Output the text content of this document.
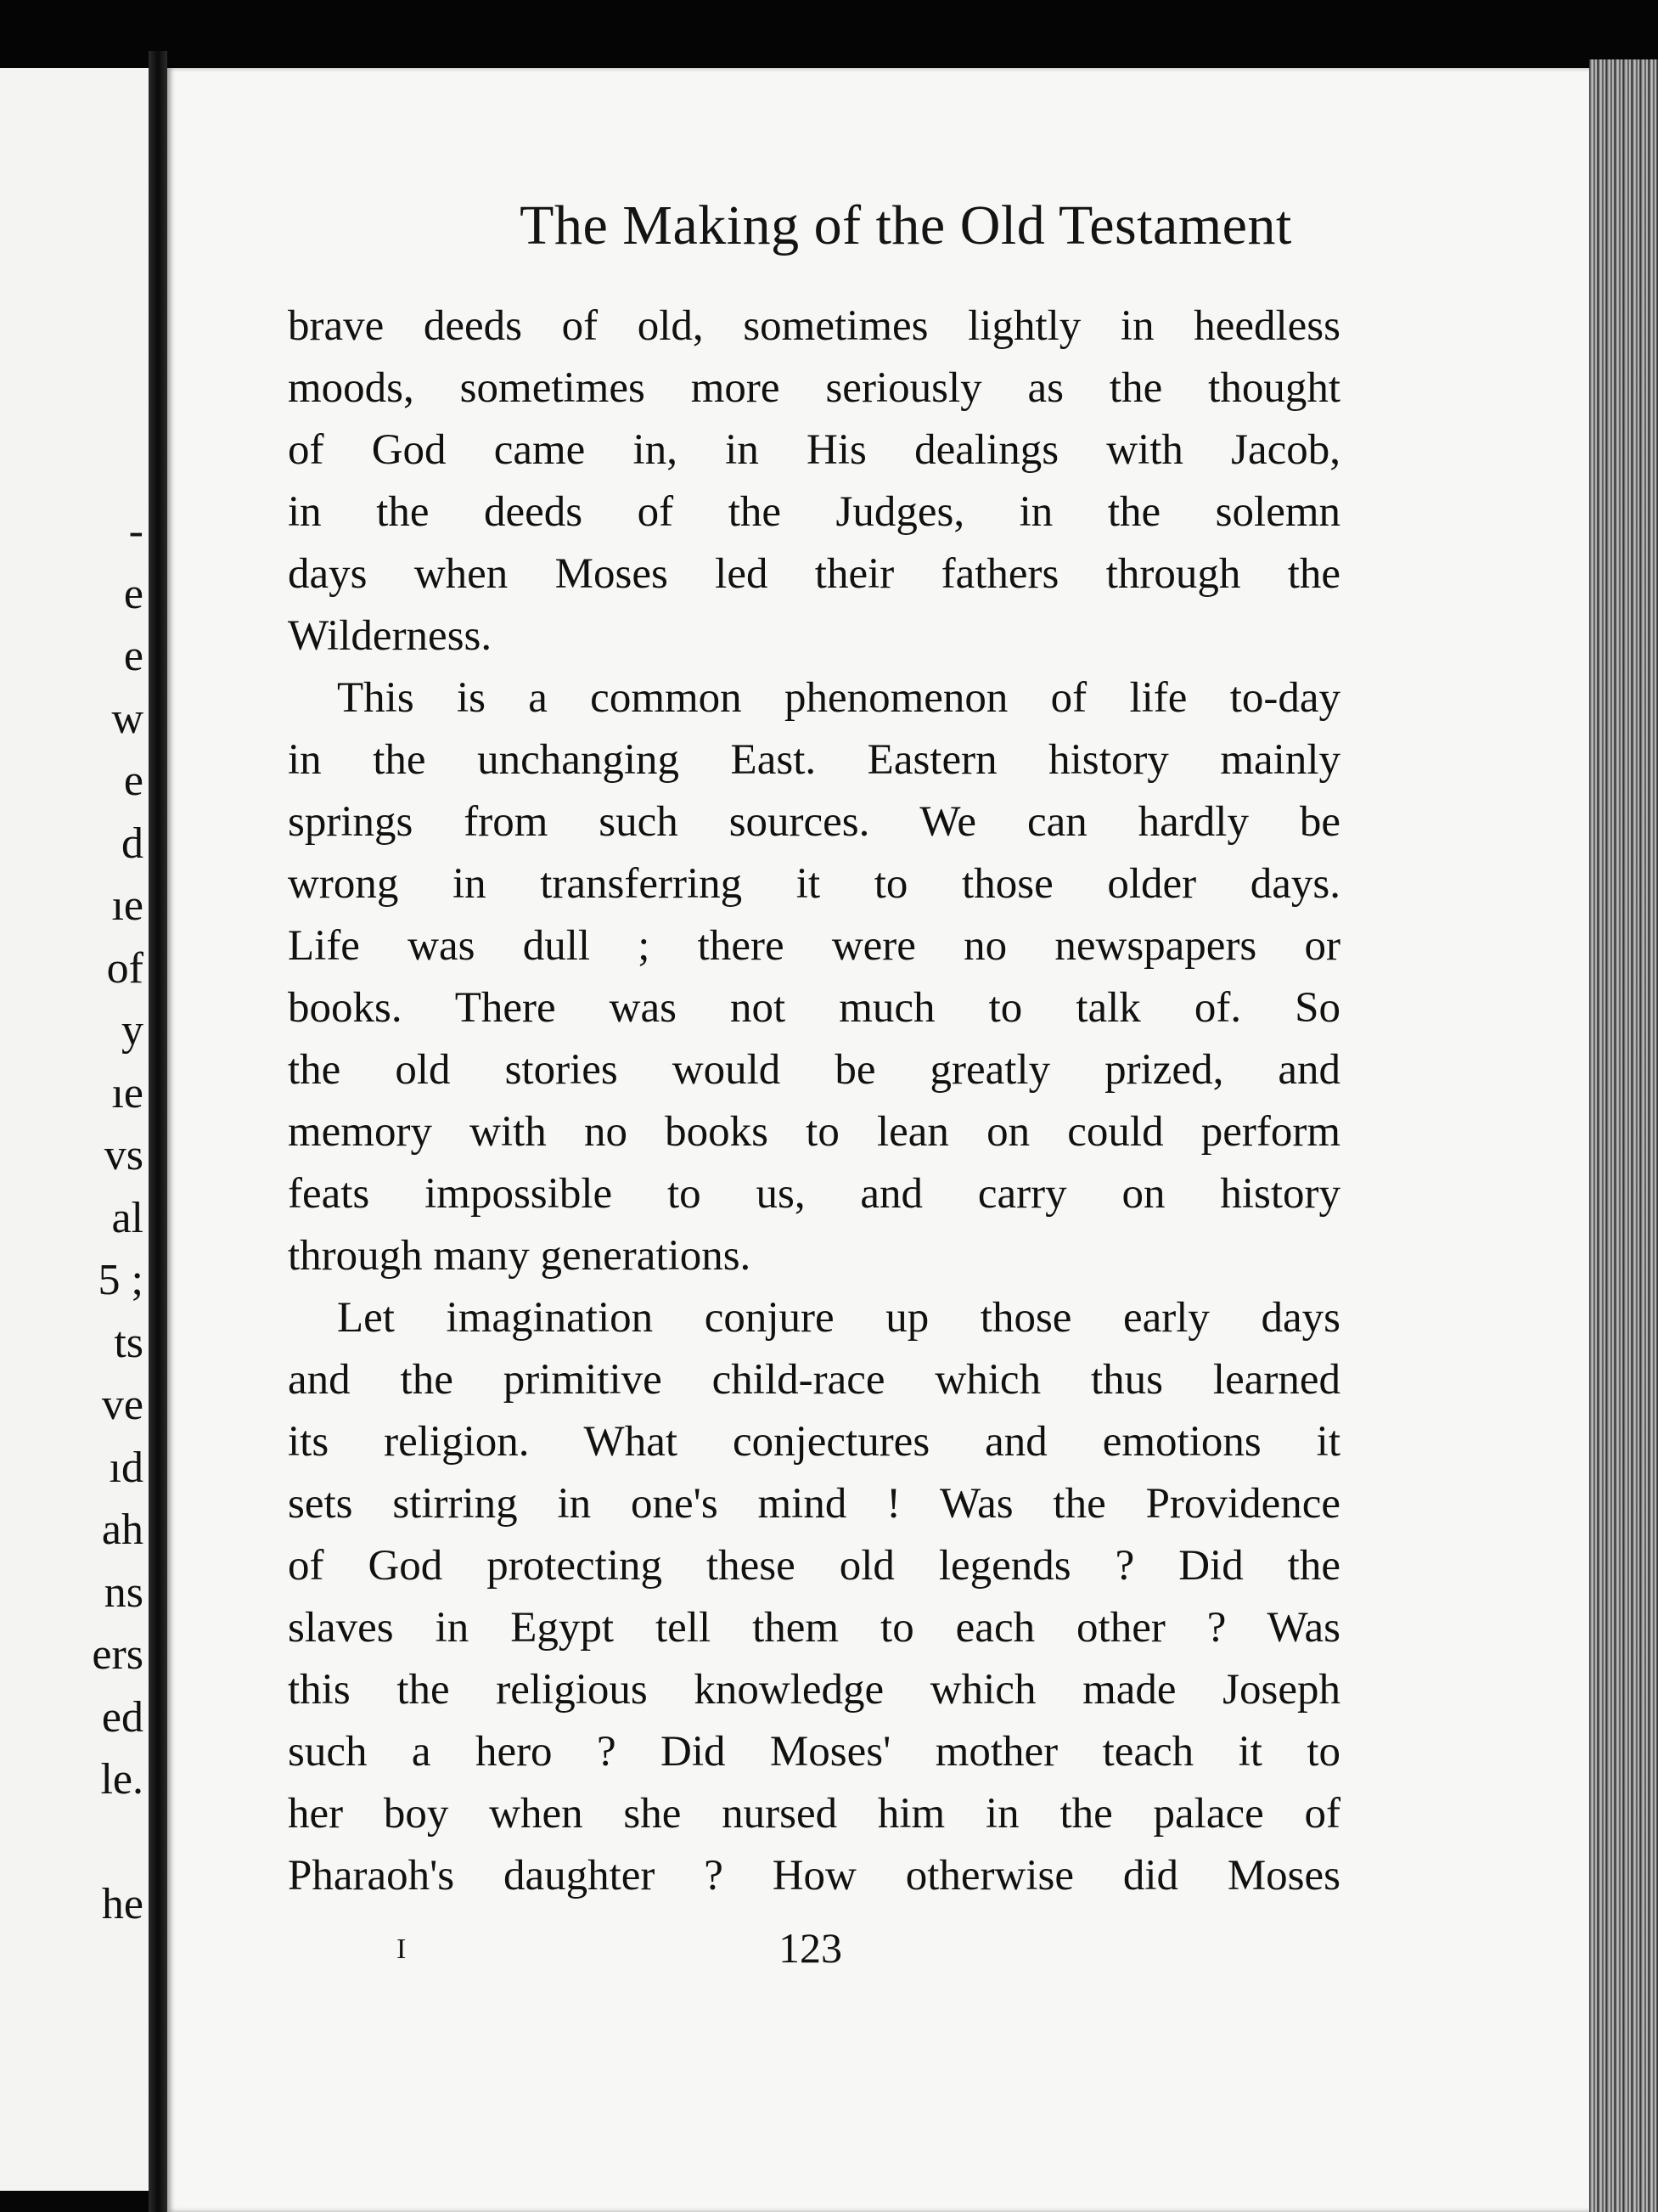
-
e
e
w
e
d
ıe
of
y
ıe
vs
al
5 ;
ts
ve
ıd
ah
ns
ers
ed
le.
he
The Making of the Old Testament
brave deeds of old, sometimes lightly in heedless
moods, sometimes more seriously as the thought
of God came in, in His dealings with Jacob,
in the deeds of the Judges, in the solemn
days when Moses led their fathers through the
Wilderness.
This is a common phenomenon of life to-day
in the unchanging East. Eastern history mainly
springs from such sources. We can hardly be
wrong in transferring it to those older days.
Life was dull ; there were no newspapers or
books. There was not much to talk of. So
the old stories would be greatly prized, and
memory with no books to lean on could perform
feats impossible to us, and carry on history
through many generations.
Let imagination conjure up those early days
and the primitive child-race which thus learned
its religion. What conjectures and emotions it
sets stirring in one's mind ! Was the Providence
of God protecting these old legends ? Did the
slaves in Egypt tell them to each other ? Was
this the religious knowledge which made Joseph
such a hero ? Did Moses' mother teach it to
her boy when she nursed him in the palace of
Pharaoh's daughter ? How otherwise did Moses
I	123
